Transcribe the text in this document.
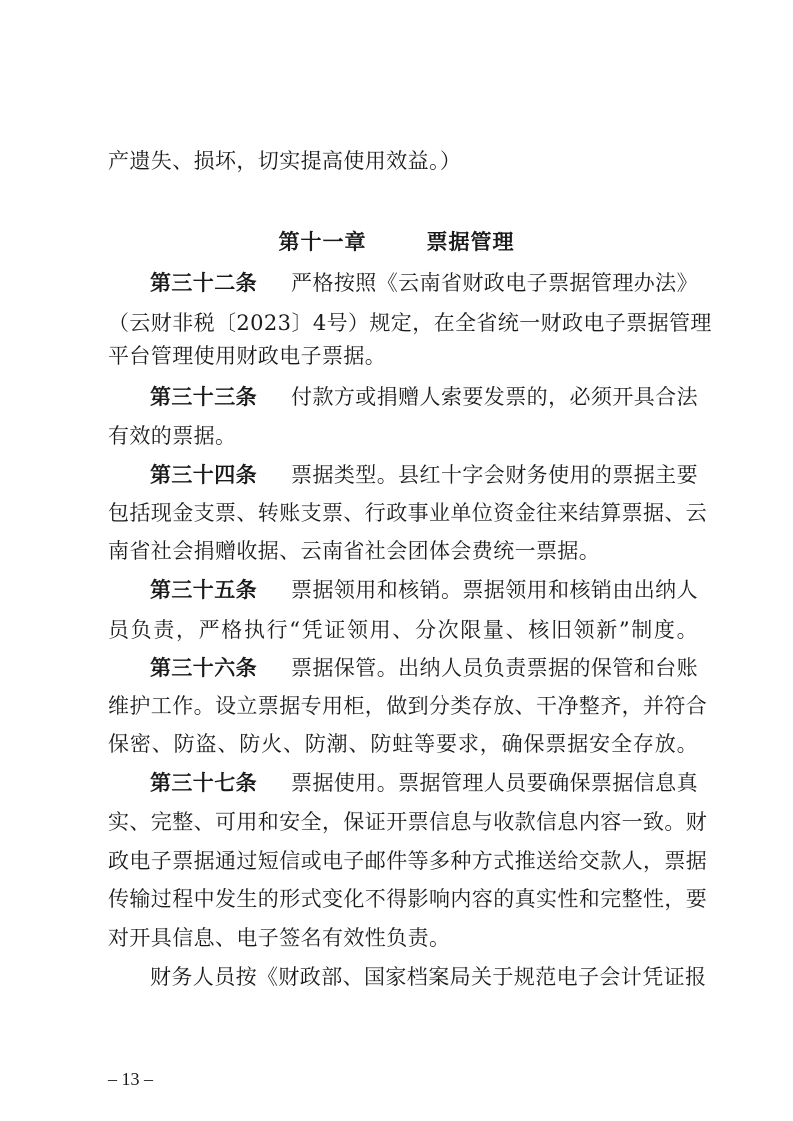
产遗失、损坏，切实提高使用效益。）
第十一章	票据管理
第三十二条 严格按照《云南省财政电子票据管理办法》
（云财非税〔2023〕4号）规定，在全省统一财政电子票据管理
平台管理使用财政电子票据。
第三十三条 付款方或捐赠人索要发票的，必须开具合法
有效的票据。
第三十四条 票据类型。县红十字会财务使用的票据主要
包括现金支票、转账支票、行政事业单位资金往来结算票据、云
南省社会捐赠收据、云南省社会团体会费统一票据。
第三十五条 票据领用和核销。票据领用和核销由出纳人
员负责，严格执行“凭证领用、分次限量、核旧领新”制度。
第三十六条 票据保管。出纳人员负责票据的保管和台账
维护工作。设立票据专用柜，做到分类存放、干净整齐，并符合
保密、防盗、防火、防潮、防蛀等要求，确保票据安全存放。
第三十七条 票据使用。票据管理人员要确保票据信息真
实、完整、可用和安全，保证开票信息与收款信息内容一致。财
政电子票据通过短信或电子邮件等多种方式推送给交款人，票据
传输过程中发生的形式变化不得影响内容的真实性和完整性，要
对开具信息、电子签名有效性负责。
财务人员按《财政部、国家档案局关于规范电子会计凭证报
– 13 –
